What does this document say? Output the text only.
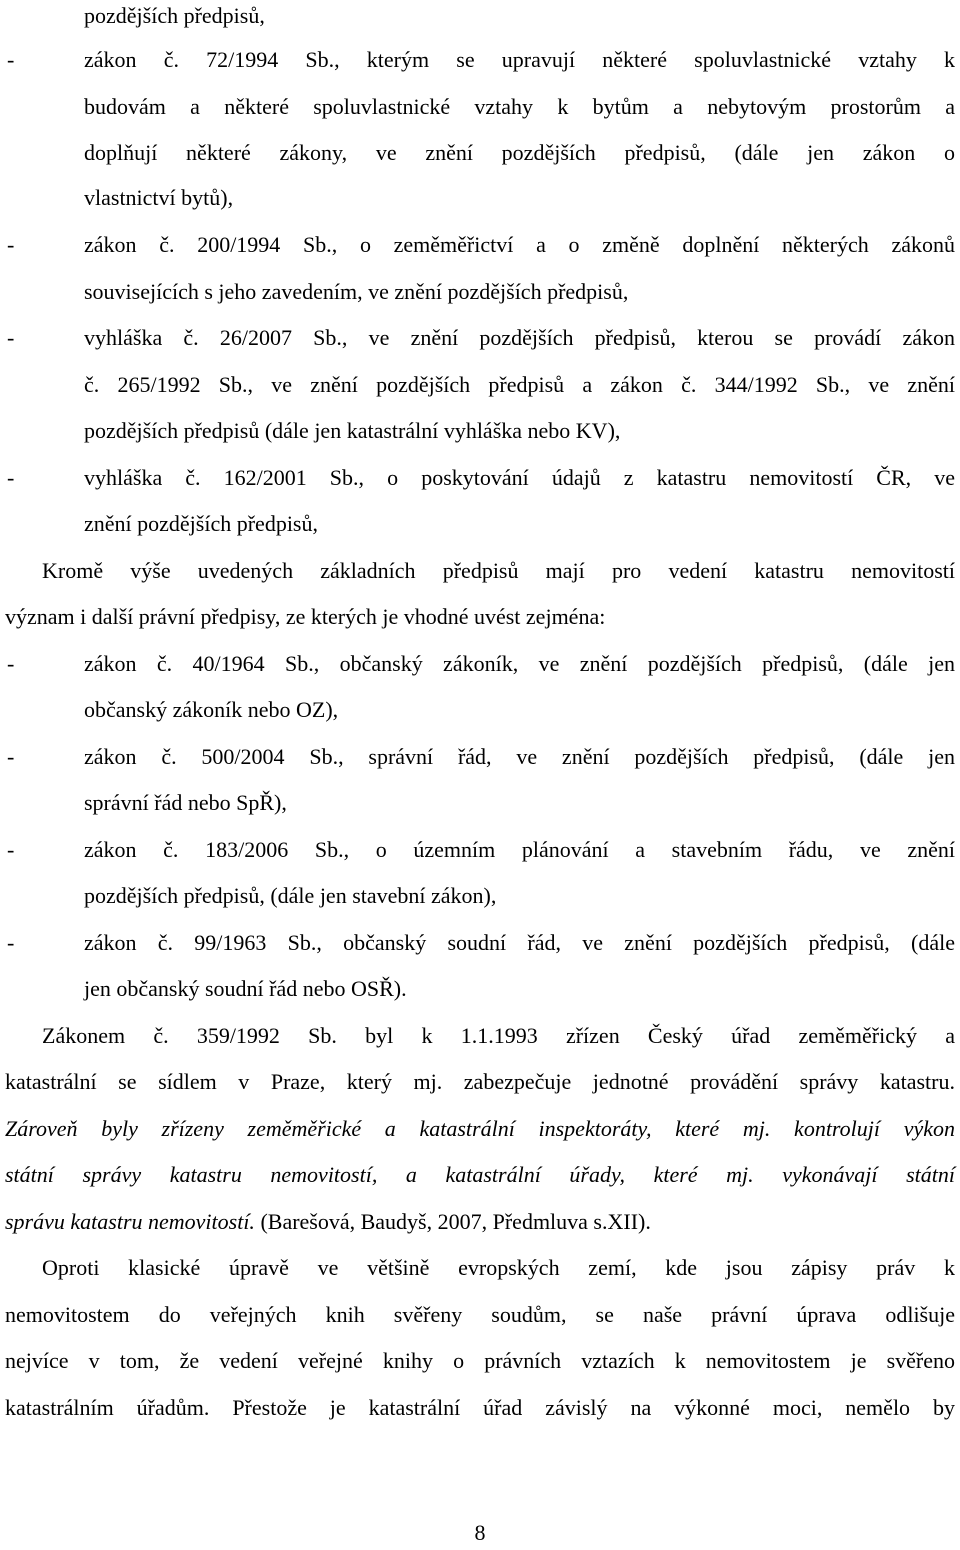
pozdějších předpisů,
-	zákon č. 72/1994 Sb., kterým se upravují některé spoluvlastnické vztahy k
budovám a některé spoluvlastnické vztahy k bytům a nebytovým prostorům a
doplňují některé zákony, ve znění pozdějších předpisů, (dále jen zákon o
vlastnictví bytů),
-	zákon č. 200/1994 Sb., o zeměměřictví a o změně doplnění některých zákonů
souvisejících s jeho zavedením, ve znění pozdějších předpisů,
-	vyhláška č. 26/2007 Sb., ve znění pozdějších předpisů, kterou se provádí zákon
č. 265/1992 Sb., ve znění pozdějších předpisů a zákon č. 344/1992 Sb., ve znění
pozdějších předpisů (dále jen katastrální vyhláška nebo KV),
-	vyhláška č. 162/2001 Sb., o poskytování údajů z katastru nemovitostí ČR, ve
znění pozdějších předpisů,
Kromě výše uvedených základních předpisů mají pro vedení katastru nemovitostí
význam i další právní předpisy, ze kterých je vhodné uvést zejména:
-	zákon č. 40/1964 Sb., občanský zákoník, ve znění pozdějších předpisů, (dále jen
občanský zákoník nebo OZ),
-	zákon č. 500/2004 Sb., správní řád, ve znění pozdějších předpisů, (dále jen
správní řád nebo SpŘ),
-	zákon č. 183/2006 Sb., o územním plánování a stavebním řádu, ve znění
pozdějších předpisů, (dále jen stavební zákon),
-	zákon č. 99/1963 Sb., občanský soudní řád, ve znění pozdějších předpisů, (dále
jen občanský soudní řád nebo OSŘ).
Zákonem č. 359/1992 Sb. byl k 1.1.1993 zřízen Český úřad zeměměřický a
katastrální se sídlem v Praze, který mj. zabezpečuje jednotné provádění správy katastru.
Zároveň byly zřízeny zeměměřické a katastrální inspektoráty, které mj. kontrolují výkon
státní správy katastru nemovitostí, a katastrální úřady, které mj. vykonávají státní
správu katastru nemovitostí. (Barešová, Baudyš, 2007, Předmluva s.XII).
Oproti klasické úpravě ve většině evropských zemí, kde jsou zápisy práv k
nemovitostem do veřejných knih svěřeny soudům, se naše právní úprava odlišuje
nejvíce v tom, že vedení veřejné knihy o právních vztazích k nemovitostem je svěřeno
katastrálním úřadům. Přestože je katastrální úřad závislý na výkonné moci, nemělo by
8
